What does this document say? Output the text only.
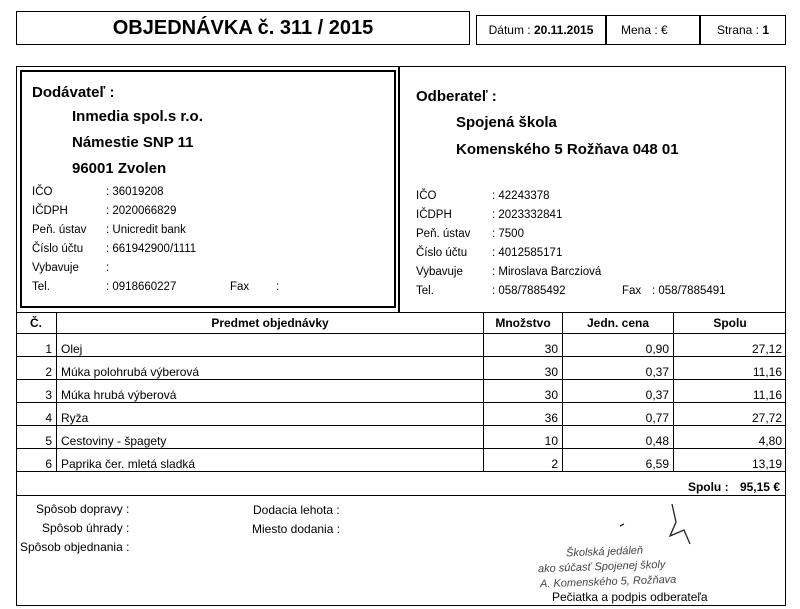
OBJEDNÁVKA č. 311 / 2015	Dátum : 20.11.2015	Mena : €	Strana : 1
Dodávateľ :
Inmedia spol.s r.o.
Námestie SNP 11
96001 Zvolen
IČO	: 36019208
IČDPH	: 2020066829
Peň. ústav : Unicredit bank
Číslo účtu : 661942900/1111
Vybavuje :
Tel.	: 0918660227	Fax :
Odberateľ :
Spojená škola
Komenského 5 Rožňava 048 01
IČO	: 42243378
IČDPH	: 2023332841
Peň. ústav : 7500
Číslo účtu : 4012585171
Vybavuje	: Miroslava Barcziová
Tel.	: 058/7885492	Fax : 058/7885491
Č.	Predmet objednávky	Množstvo	Jedn. cena	Spolu
1	Olej	30	0,90	27,12
2	Múka polohrubá výberová	30	0,37	11,16
3	Múka hrubá výberová	30	0,37	11,16
4	Ryža	36	0,77	27,72
5	Cestoviny - špagety	10	0,48	4,80
6	Paprika čer. mletá sladká	2	6,59	13,19
Spolu : 95,15 €
Spôsob dopravy :
Spôsob úhrady :
Spôsob objednania :
Dodacia lehota :
Miesto dodania :
Školská jedáleň
ako súčasť Spojenej školy
A. Komenského 5, Rožňava
Pečiatka a podpis odberateľa
